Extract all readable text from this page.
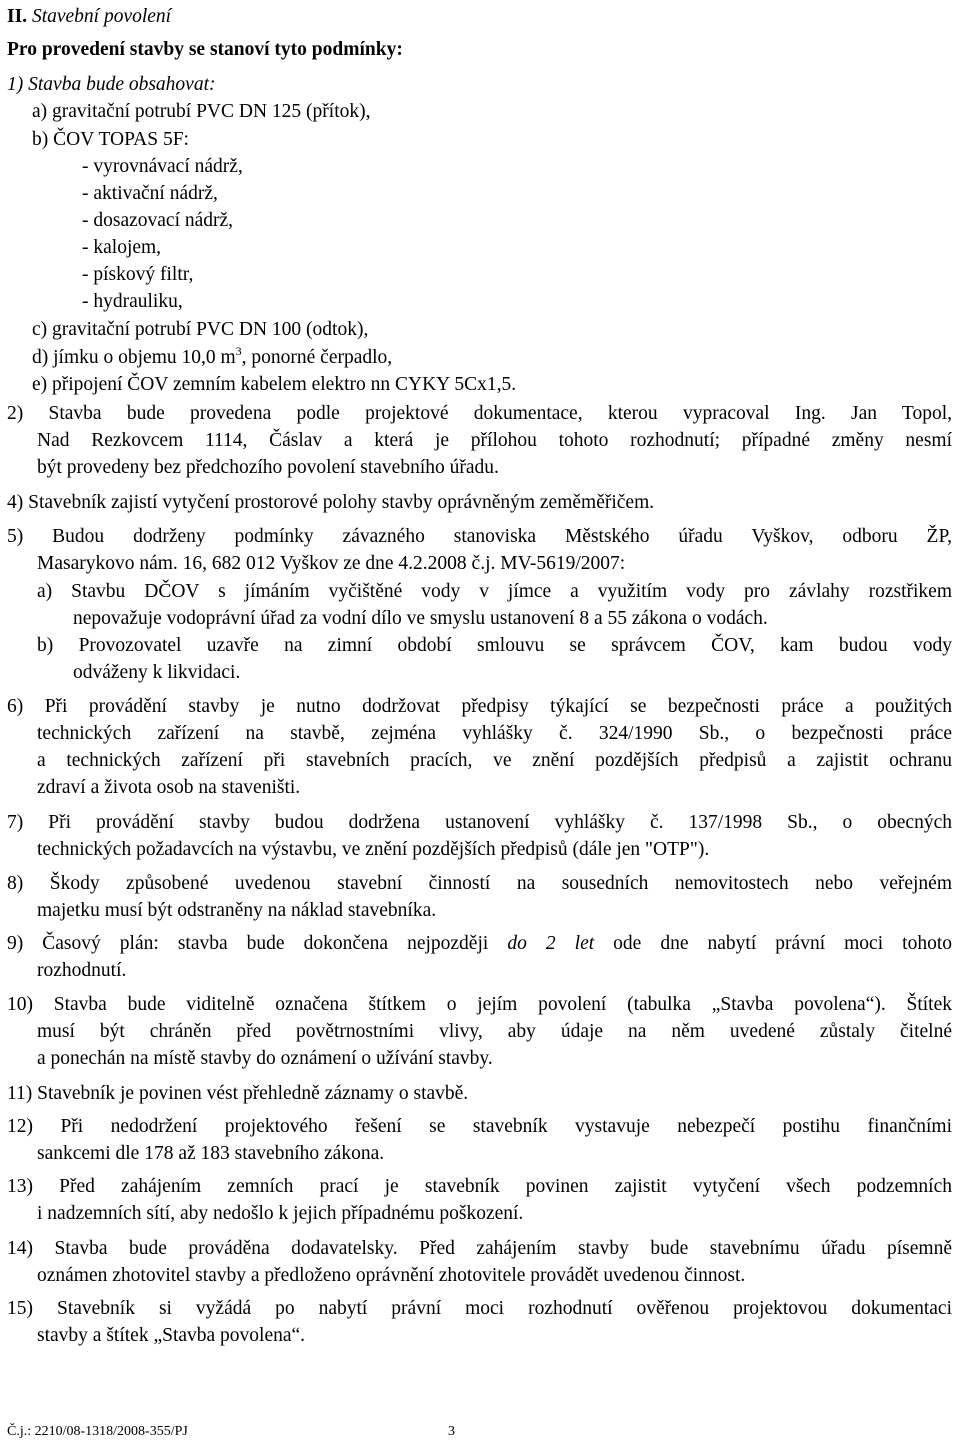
II. Stavební povolení
Pro provedení stavby se stanoví tyto podmínky:
1) Stavba bude obsahovat:
a) gravitační potrubí PVC DN 125 (přítok),
b) ČOV TOPAS 5F:
- vyrovnávací nádrž,
- aktivační nádrž,
- dosazovací nádrž,
- kalojem,
- pískový filtr,
- hydrauliku,
c) gravitační potrubí PVC DN 100 (odtok),
d) jímku o objemu 10,0 $m^3$, ponorné čerpadlo,
e) připojení ČOV zemním kabelem elektro nn CYKY 5Cx1,5.
2) Stavba bude provedena podle projektové dokumentace, kterou vypracoval Ing. Jan Topol,
Nad Rezkovcem 1114, Čáslav a která je přílohou tohoto rozhodnutí; případné změny nesmí
být provedeny bez předchozího povolení stavebního úřadu.
4) Stavebník zajistí vytyčení prostorové polohy stavby oprávněným zeměměřičem.
5) Budou dodrženy podmínky závazného stanoviska Městského úřadu Vyškov, odboru ŽP,
Masarykovo nám. 16, 682 012 Vyškov ze dne 4.2.2008 č.j. MV-5619/2007:
a) Stavbu DČOV s jímáním vyčištěné vody v jímce a využitím vody pro závlahy rozstřikem
nepovažuje vodoprávní úřad za vodní dílo ve smyslu ustanovení 8 a 55 zákona o vodách.
b) Provozovatel uzavře na zimní období smlouvu se správcem ČOV, kam budou vody
odváženy k likvidaci.
6) Při provádění stavby je nutno dodržovat předpisy týkající se bezpečnosti práce a použitých
technických zařízení na stavbě, zejména vyhlášky č. 324/1990 Sb., o bezpečnosti práce
a technických zařízení při stavebních pracích, ve znění pozdějších předpisů a zajistit ochranu
zdraví a života osob na staveništi.
7) Při provádění stavby budou dodržena ustanovení vyhlášky č. 137/1998 Sb., o obecných
technických požadavcích na výstavbu, ve znění pozdějších předpisů (dále jen "OTP").
8) Škody způsobené uvedenou stavební činností na sousedních nemovitostech nebo veřejném
majetku musí být odstraněny na náklad stavebníka.
9) Časový plán: stavba bude dokončena nejpozději do 2 let ode dne nabytí právní moci tohoto
rozhodnutí.
10) Stavba bude viditelně označena štítkem o jejím povolení (tabulka „Stavba povolena“). Štítek
musí být chráněn před povětrnostními vlivy, aby údaje na něm uvedené zůstaly čitelné
a ponechán na místě stavby do oznámení o užívání stavby.
11) Stavebník je povinen vést přehledně záznamy o stavbě.
12) Při nedodržení projektového řešení se stavebník vystavuje nebezpečí postihu finančními
sankcemi dle 178 až 183 stavebního zákona.
13) Před zahájením zemních prací je stavebník povinen zajistit vytyčení všech podzemních
i nadzemních sítí, aby nedošlo k jejich případnému poškození.
14) Stavba bude prováděna dodavatelsky. Před zahájením stavby bude stavebnímu úřadu písemně
oznámen zhotovitel stavby a předloženo oprávnění zhotovitele provádět uvedenou činnost.
15) Stavebník si vyžádá po nabytí právní moci rozhodnutí ověřenou projektovou dokumentaci
stavby a štítek „Stavba povolena“.
Č.j.: 2210/08-1318/2008-355/PJ	3
